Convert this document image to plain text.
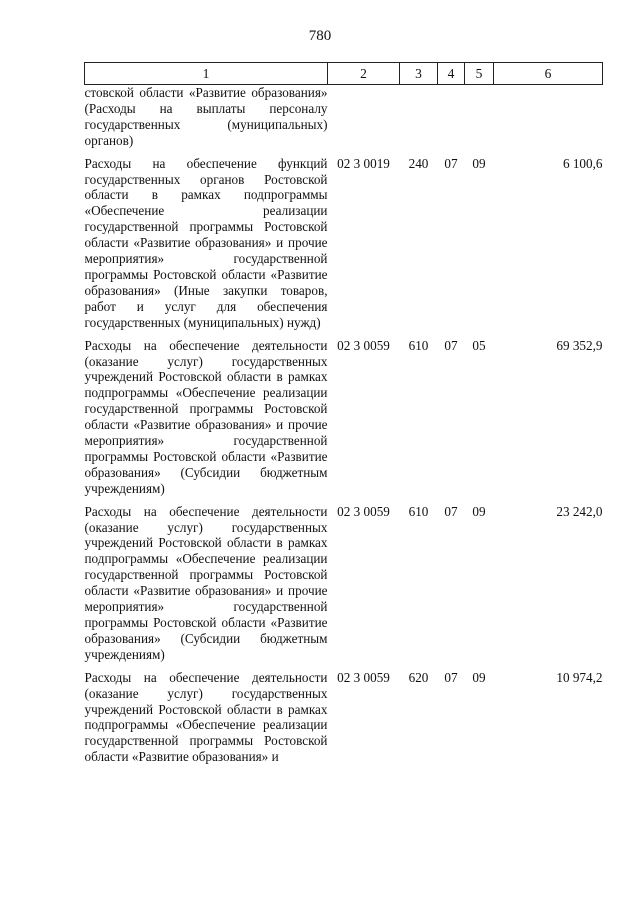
780
1	2	3	4	5	6
стовской области «Развитие образования» (Расходы на выплаты персоналу государственных (муниципальных) органов)					
Расходы на обеспечение функций государственных органов Ростовской области в рамках подпрограммы «Обеспечение реализации государственной программы Ростовской области «Развитие образования» и прочие мероприятия» государственной программы Ростовской области «Развитие образования» (Иные закупки товаров, работ и услуг для обеспечения государственных (муниципальных) нужд)	02 3 0019	240	07	09	6 100,6
Расходы на обеспечение деятельности (оказание услуг) государственных учреждений Ростовской области в рамках подпрограммы «Обеспечение реализации государственной программы Ростовской области «Развитие образования» и прочие мероприятия» государственной программы Ростовской области «Развитие образования» (Субсидии бюджетным учреждениям)	02 3 0059	610	07	05	69 352,9
Расходы на обеспечение деятельности (оказание услуг) государственных учреждений Ростовской области в рамках подпрограммы «Обеспечение реализации государственной программы Ростовской области «Развитие образования» и прочие мероприятия» государственной программы Ростовской области «Развитие образования» (Субсидии бюджетным учреждениям)	02 3 0059	610	07	09	23 242,0
Расходы на обеспечение деятельности (оказание услуг) государственных учреждений Ростовской области в рамках подпрограммы «Обеспечение реализации государственной программы Ростовской области «Развитие образования» и	02 3 0059	620	07	09	10 974,2
